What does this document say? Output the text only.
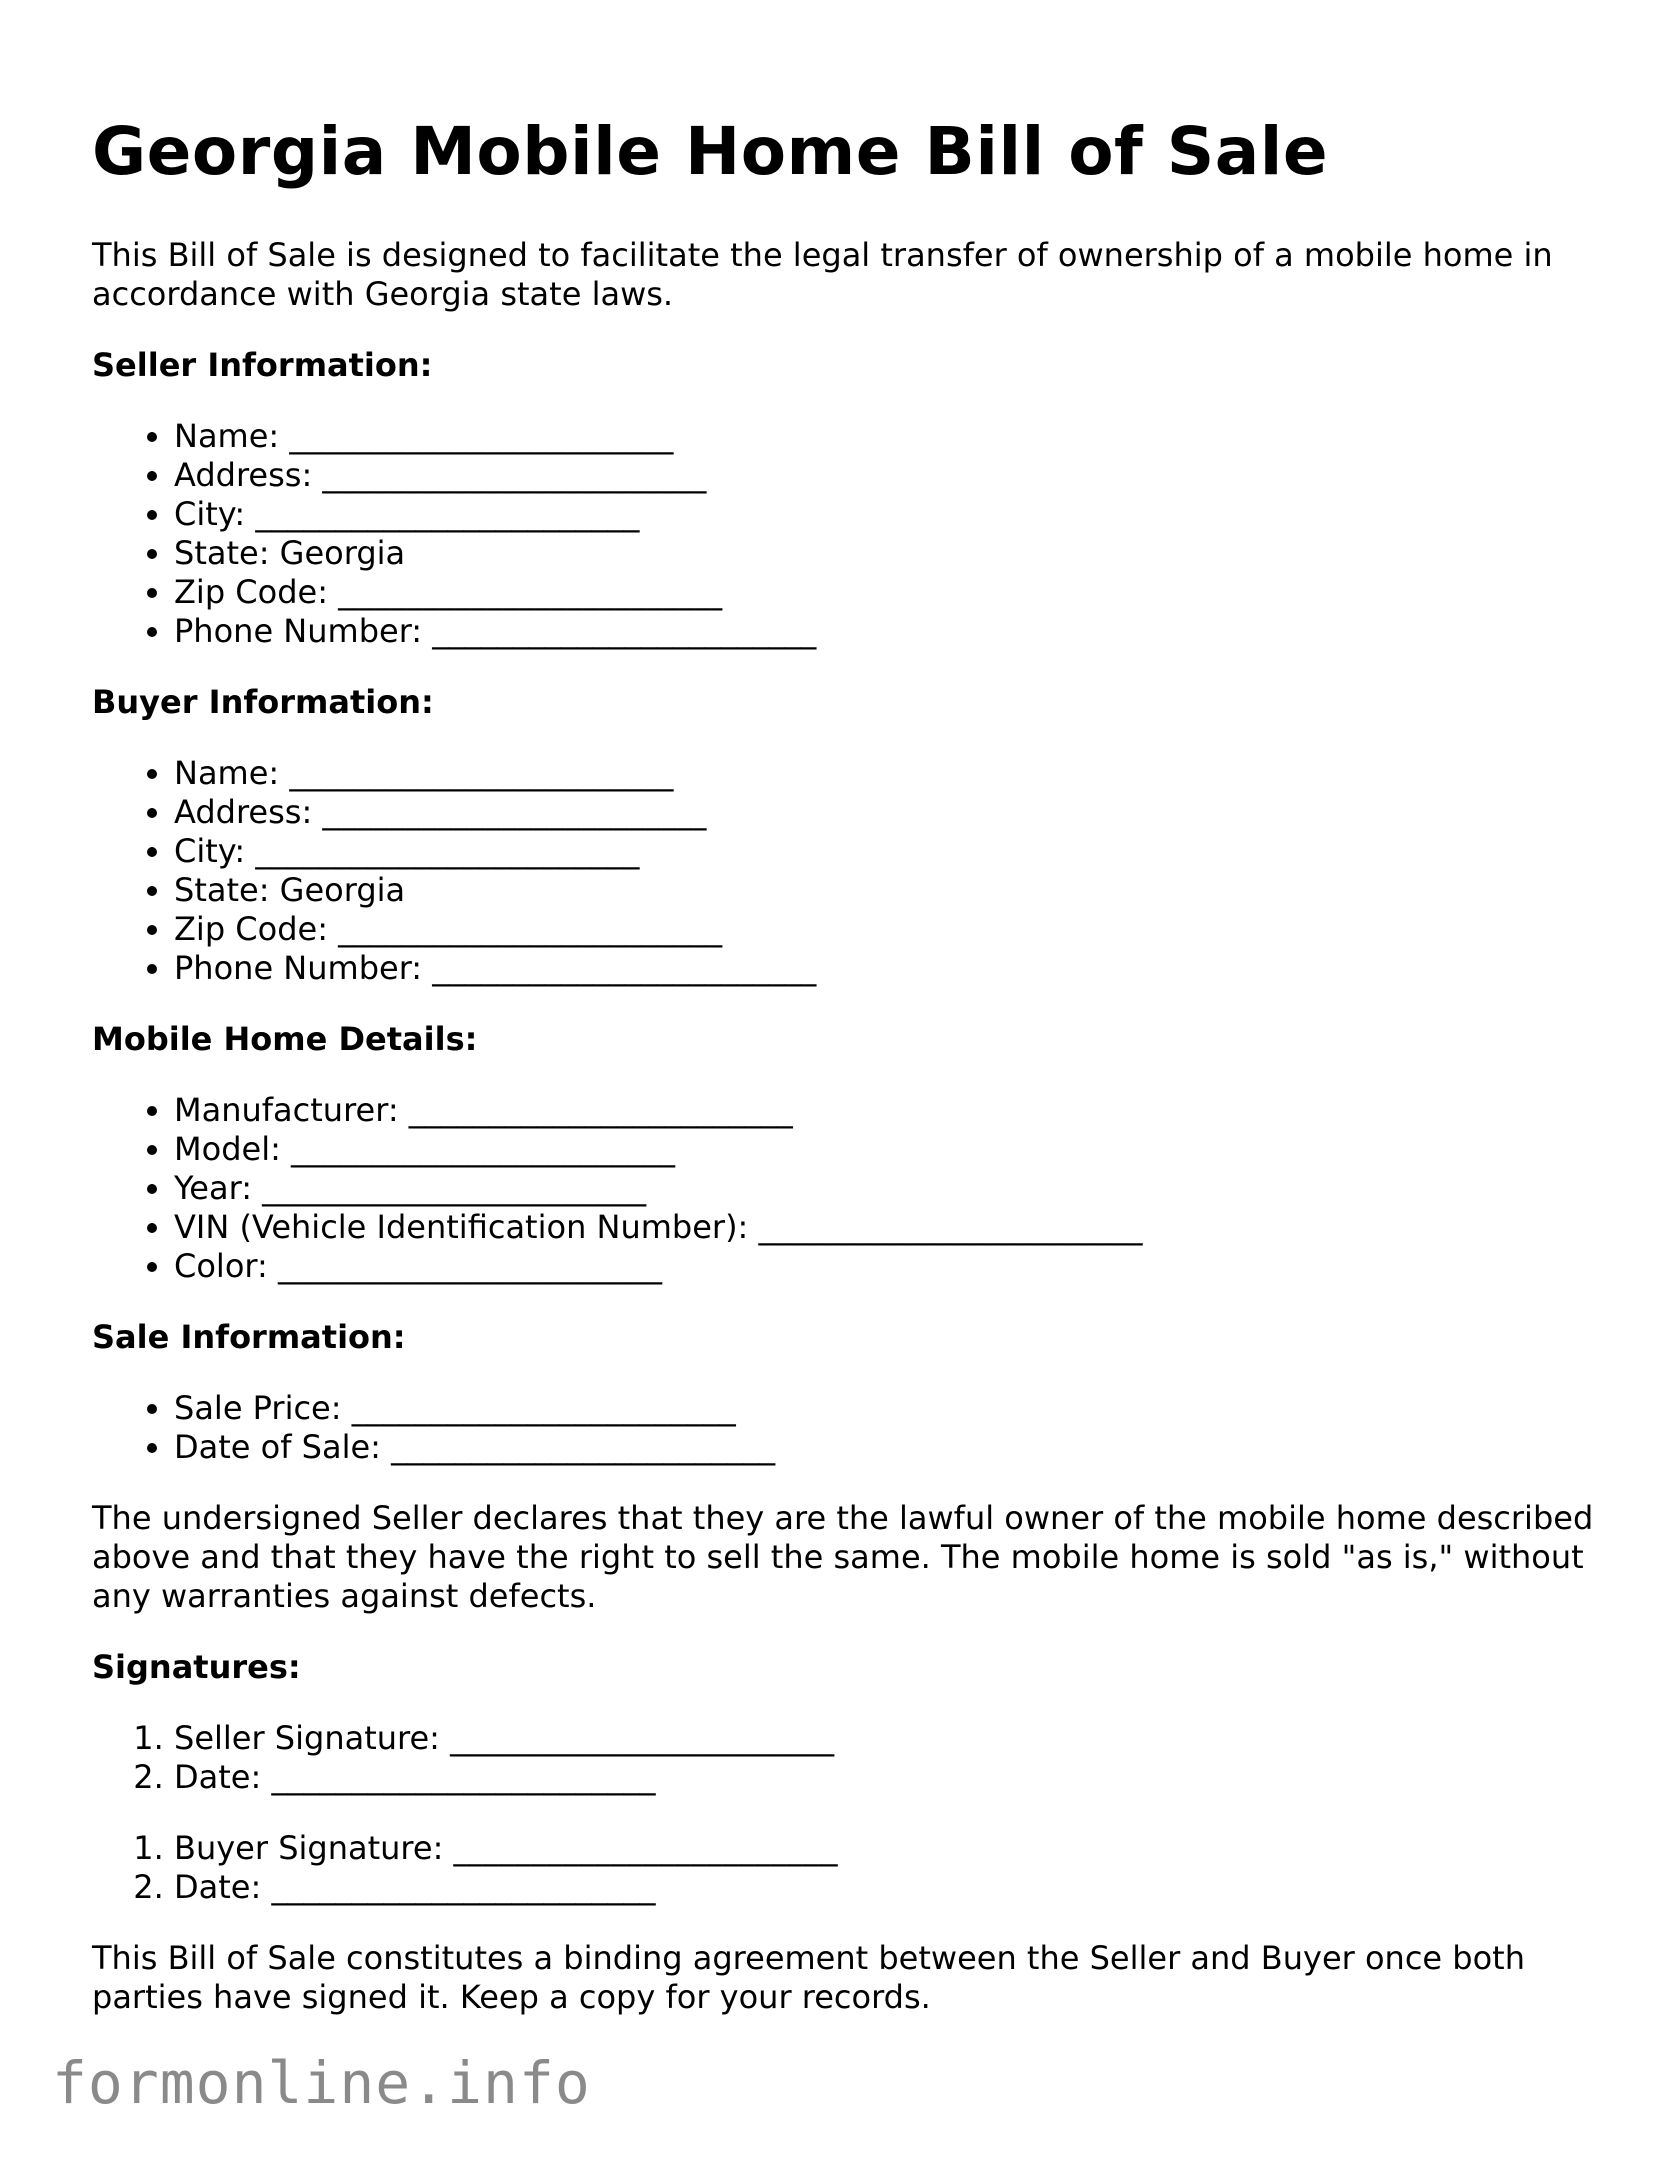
Georgia Mobile Home Bill of Sale

This Bill of Sale is designed to facilitate the legal transfer of ownership of a mobile home in accordance with Georgia state laws.

Seller Information:
• Name: ________________________
• Address: ________________________
• City: ________________________
• State: Georgia
• Zip Code: ________________________
• Phone Number: ________________________
Buyer Information:
• Name: ________________________
• Address: ________________________
• City: ________________________
• State: Georgia
• Zip Code: ________________________
• Phone Number: ________________________
Mobile Home Details:
• Manufacturer: ________________________
• Model: ________________________
• Year: ________________________
• VIN (Vehicle Identification Number): ________________________
• Color: ________________________
Sale Information:
• Sale Price: ________________________
• Date of Sale: ________________________

The undersigned Seller declares that they are the lawful owner of the mobile home described above and that they have the right to sell the same. The mobile home is sold "as is," without any warranties against defects.

Signatures:
1. Seller Signature: ________________________
2. Date: ________________________
1. Buyer Signature: ________________________
2. Date: ________________________

This Bill of Sale constitutes a binding agreement between the Seller and Buyer once both parties have signed it. Keep a copy for your records.

formonline.info
